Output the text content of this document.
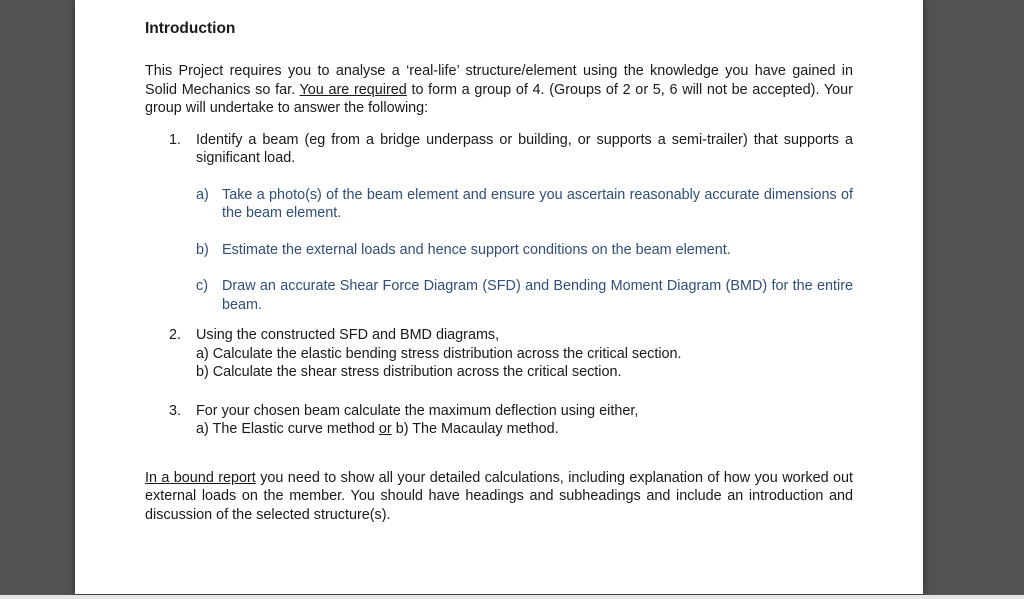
Introduction

This Project requires you to analyse a ‘real-life’ structure/element using the knowledge you have gained in Solid Mechanics so far. You are required to form a group of 4. (Groups of 2 or 5, 6 will not be accepted). Your group will undertake to answer the following:

1. Identify a beam (eg from a bridge underpass or building, or supports a semi-trailer) that supports a significant load.
a) Take a photo(s) of the beam element and ensure you ascertain reasonably accurate dimensions of the beam element.
b) Estimate the external loads and hence support conditions on the beam element.
c) Draw an accurate Shear Force Diagram (SFD) and Bending Moment Diagram (BMD) for the entire beam.
2. Using the constructed SFD and BMD diagrams,
a) Calculate the elastic bending stress distribution across the critical section.
b) Calculate the shear stress distribution across the critical section.
3. For your chosen beam calculate the maximum deflection using either,
a) The Elastic curve method or b) The Macaulay method.

In a bound report you need to show all your detailed calculations, including explanation of how you worked out external loads on the member. You should have headings and subheadings and include an introduction and discussion of the selected structure(s).
